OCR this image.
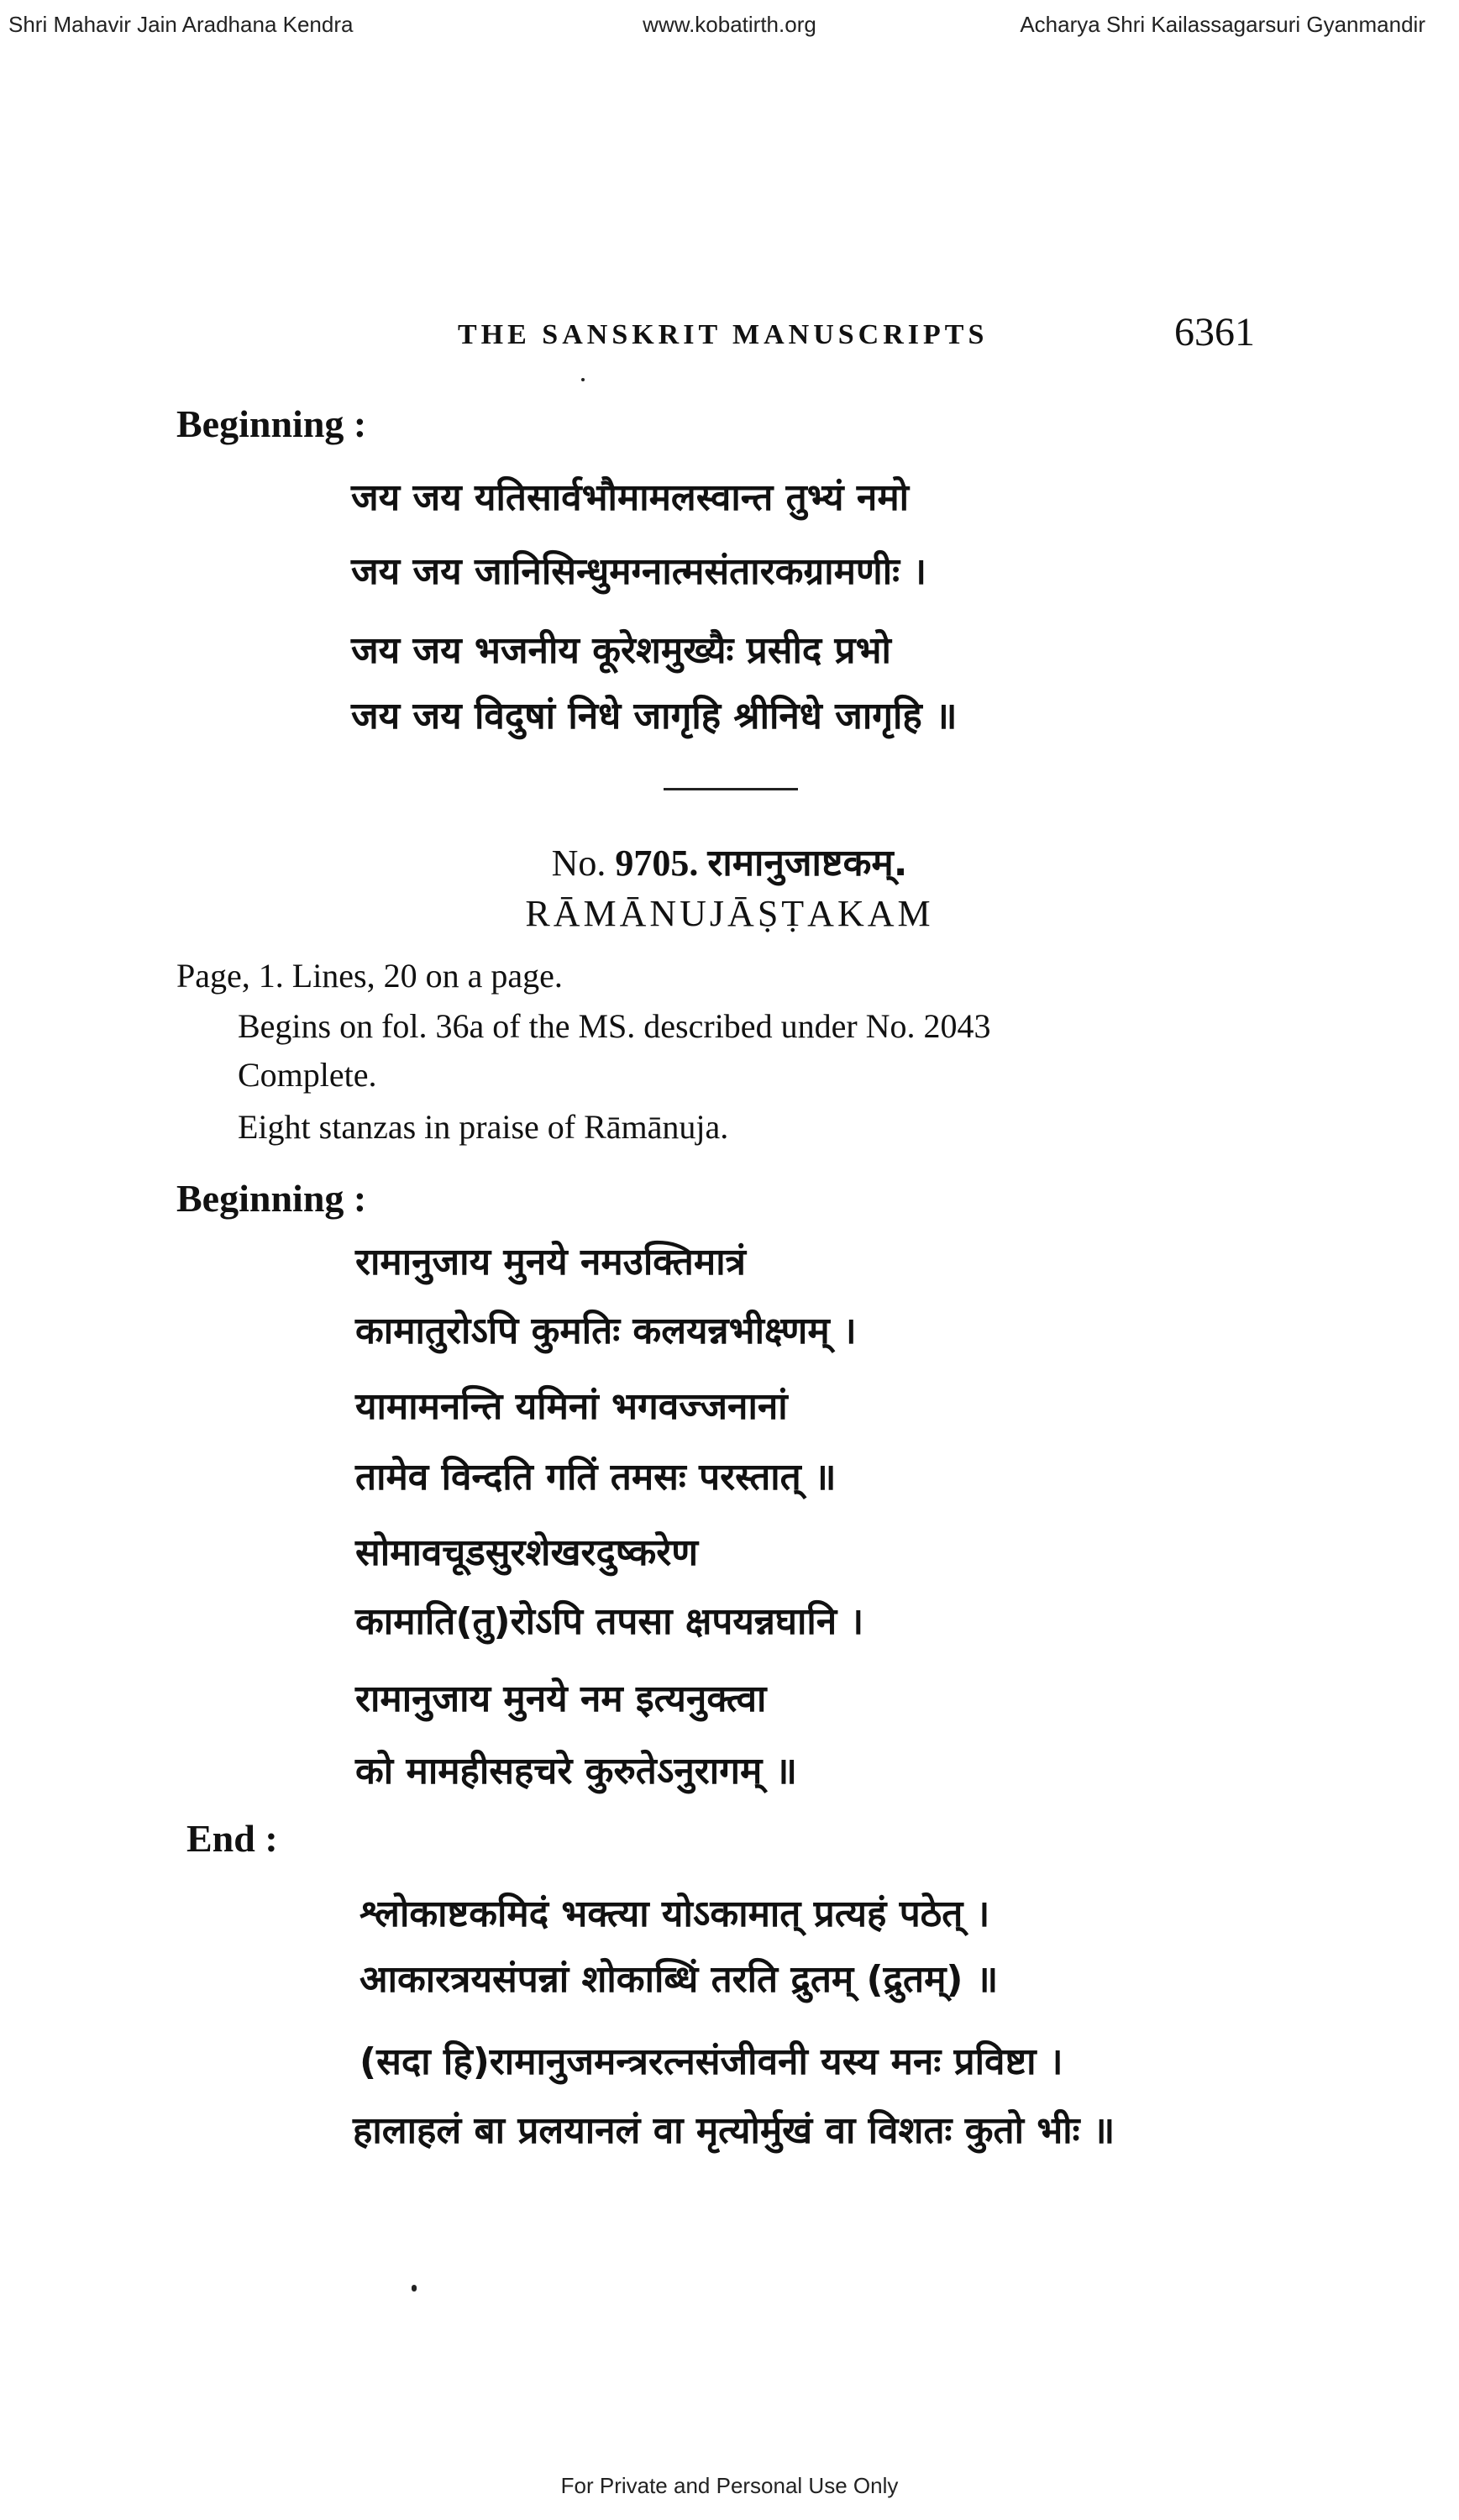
Shri Mahavir Jain Aradhana Kendra	www.kobatirth.org	Acharya Shri Kailassagarsuri Gyanmandir
THE SANSKRIT MANUSCRIPTS	6361
Beginning :
जय जय यतिसार्वभौमामलस्वान्त तुभ्यं नमो
जय जय जानिसिन्धुमग्नात्मसंतारकग्रामणीः ।
जय जय भजनीय कूरेशमुख्यैः प्रसीद प्रभो
जय जय विदुषां निधे जागृहि श्रीनिधे जागृहि ॥
No. 9705. रामानुजाष्टकम्.
RĀMĀNUJĀṢṬAKAM
Page, 1. Lines, 20 on a page.
Begins on fol. 36a of the MS. described under No. 2043
Complete.
Eight stanzas in praise of Rāmānuja.
Beginning :
रामानुजाय मुनये नमउक्तिमात्रं
कामातुरोऽपि कुमतिः कलयन्नभीक्ष्णम् ।
यामामनन्ति यमिनां भगवज्जनानां
तामेव विन्दति गतिं तमसः परस्तात् ॥
सोमावचूडसुरशेखरदुष्करेण
कामाति(तु)रोऽपि तपसा क्षपयन्नघानि ।
रामानुजाय मुनये नम इत्यनुक्त्वा
को मामहीसहचरे कुरुतेऽनुरागम् ॥
End :
श्लोकाष्टकमिदं भक्त्या योऽकामात् प्रत्यहं पठेत् ।
आकारत्रयसंपन्नां शोकाब्धिं तरति द्रुतम् (द्रुतम्) ॥
(सदा हि)रामानुजमन्त्ररत्नसंजीवनी यस्य मनः प्रविष्टा ।
हालाहलं बा प्रलयानलं वा मृत्योर्मुखं वा विशतः कुतो भीः ॥
For Private and Personal Use Only
